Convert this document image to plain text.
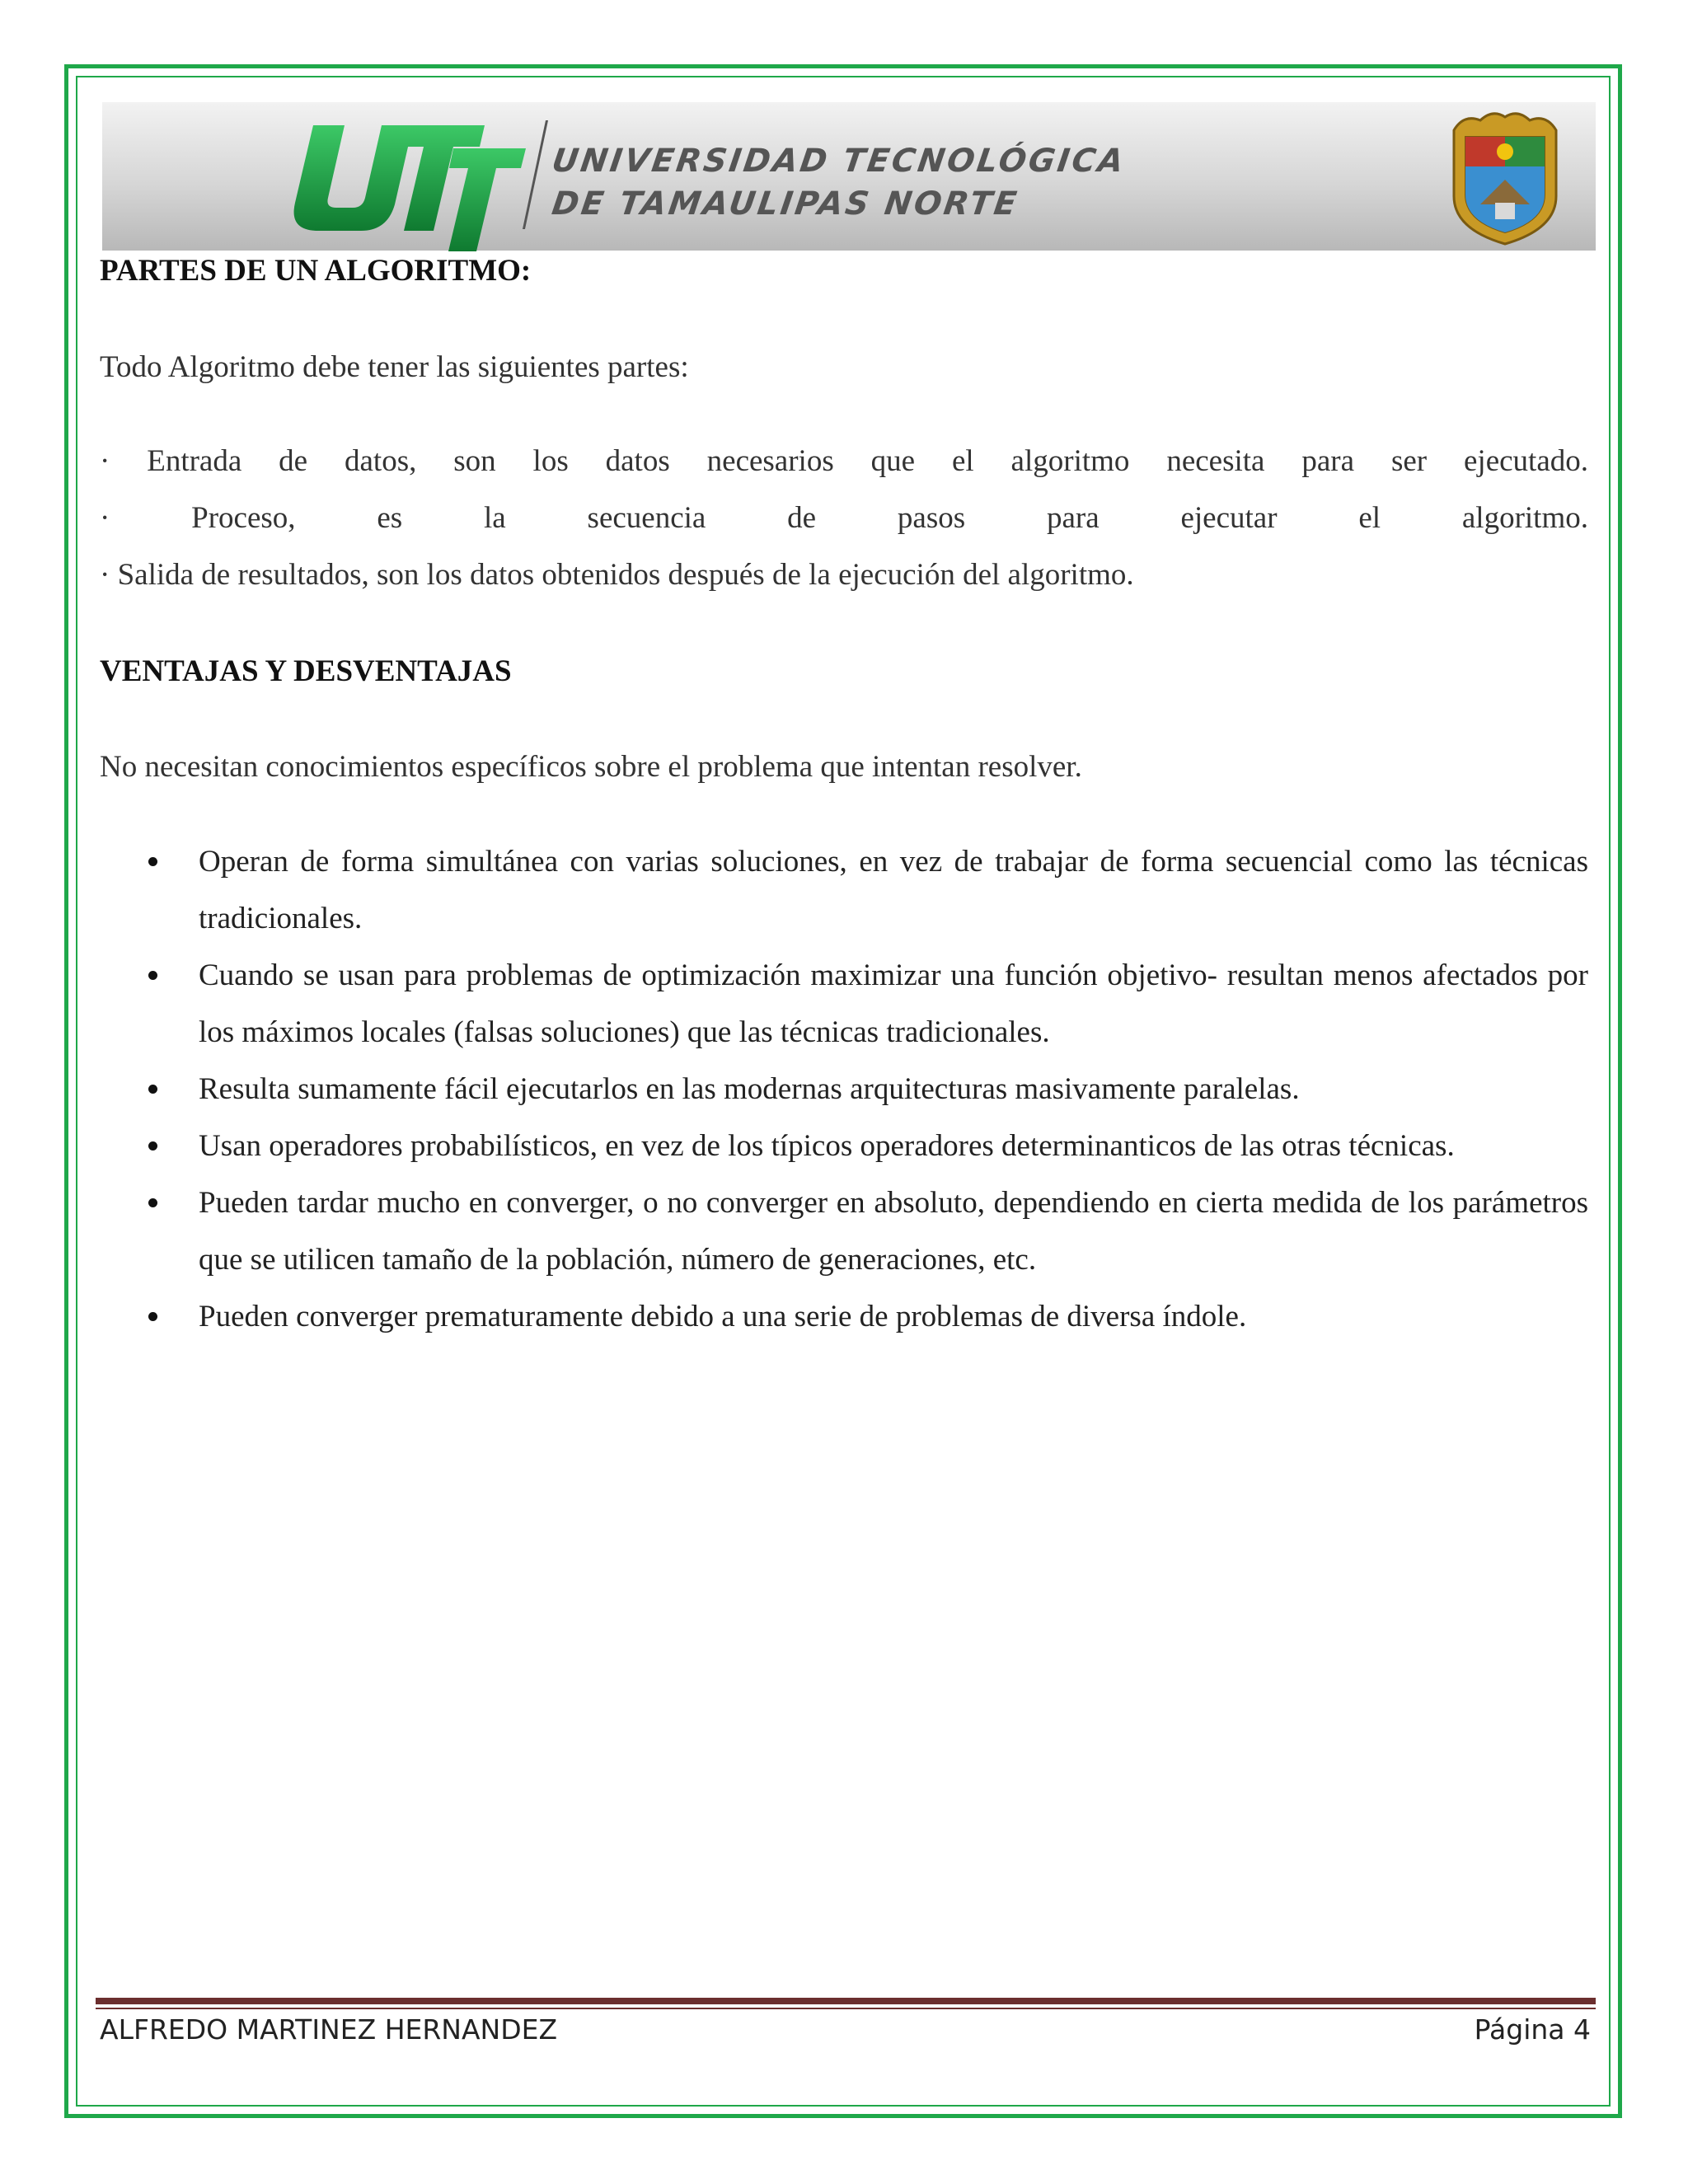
UNIVERSIDAD TECNOLÓGICA
DE TAMAULIPAS NORTE

PARTES DE UN ALGORITMO:

Todo Algoritmo debe tener las siguientes partes:

· Entrada de datos, son los datos necesarios que el algoritmo necesita para ser ejecutado.

· Proceso, es la secuencia de pasos para ejecutar el algoritmo.

· Salida de resultados, son los datos obtenidos después de la ejecución del algoritmo.

VENTAJAS Y DESVENTAJAS

No necesitan conocimientos específicos sobre el problema que intentan resolver.

Operan de forma simultánea con varias soluciones, en vez de trabajar de forma secuencial como las técnicas tradicionales.
Cuando se usan para problemas de optimización maximizar una función objetivo- resultan menos afectados por los máximos locales (falsas soluciones) que las técnicas tradicionales.
Resulta sumamente fácil ejecutarlos en las modernas arquitecturas masivamente paralelas.
Usan operadores probabilísticos, en vez de los típicos operadores determinanticos de las otras técnicas.
Pueden tardar mucho en converger, o no converger en absoluto, dependiendo en cierta medida de los parámetros que se utilicen tamaño de la población, número de generaciones, etc.
Pueden converger prematuramente debido a una serie de problemas de diversa índole.
ALFREDO MARTINEZ HERNANDEZ	Página 4
